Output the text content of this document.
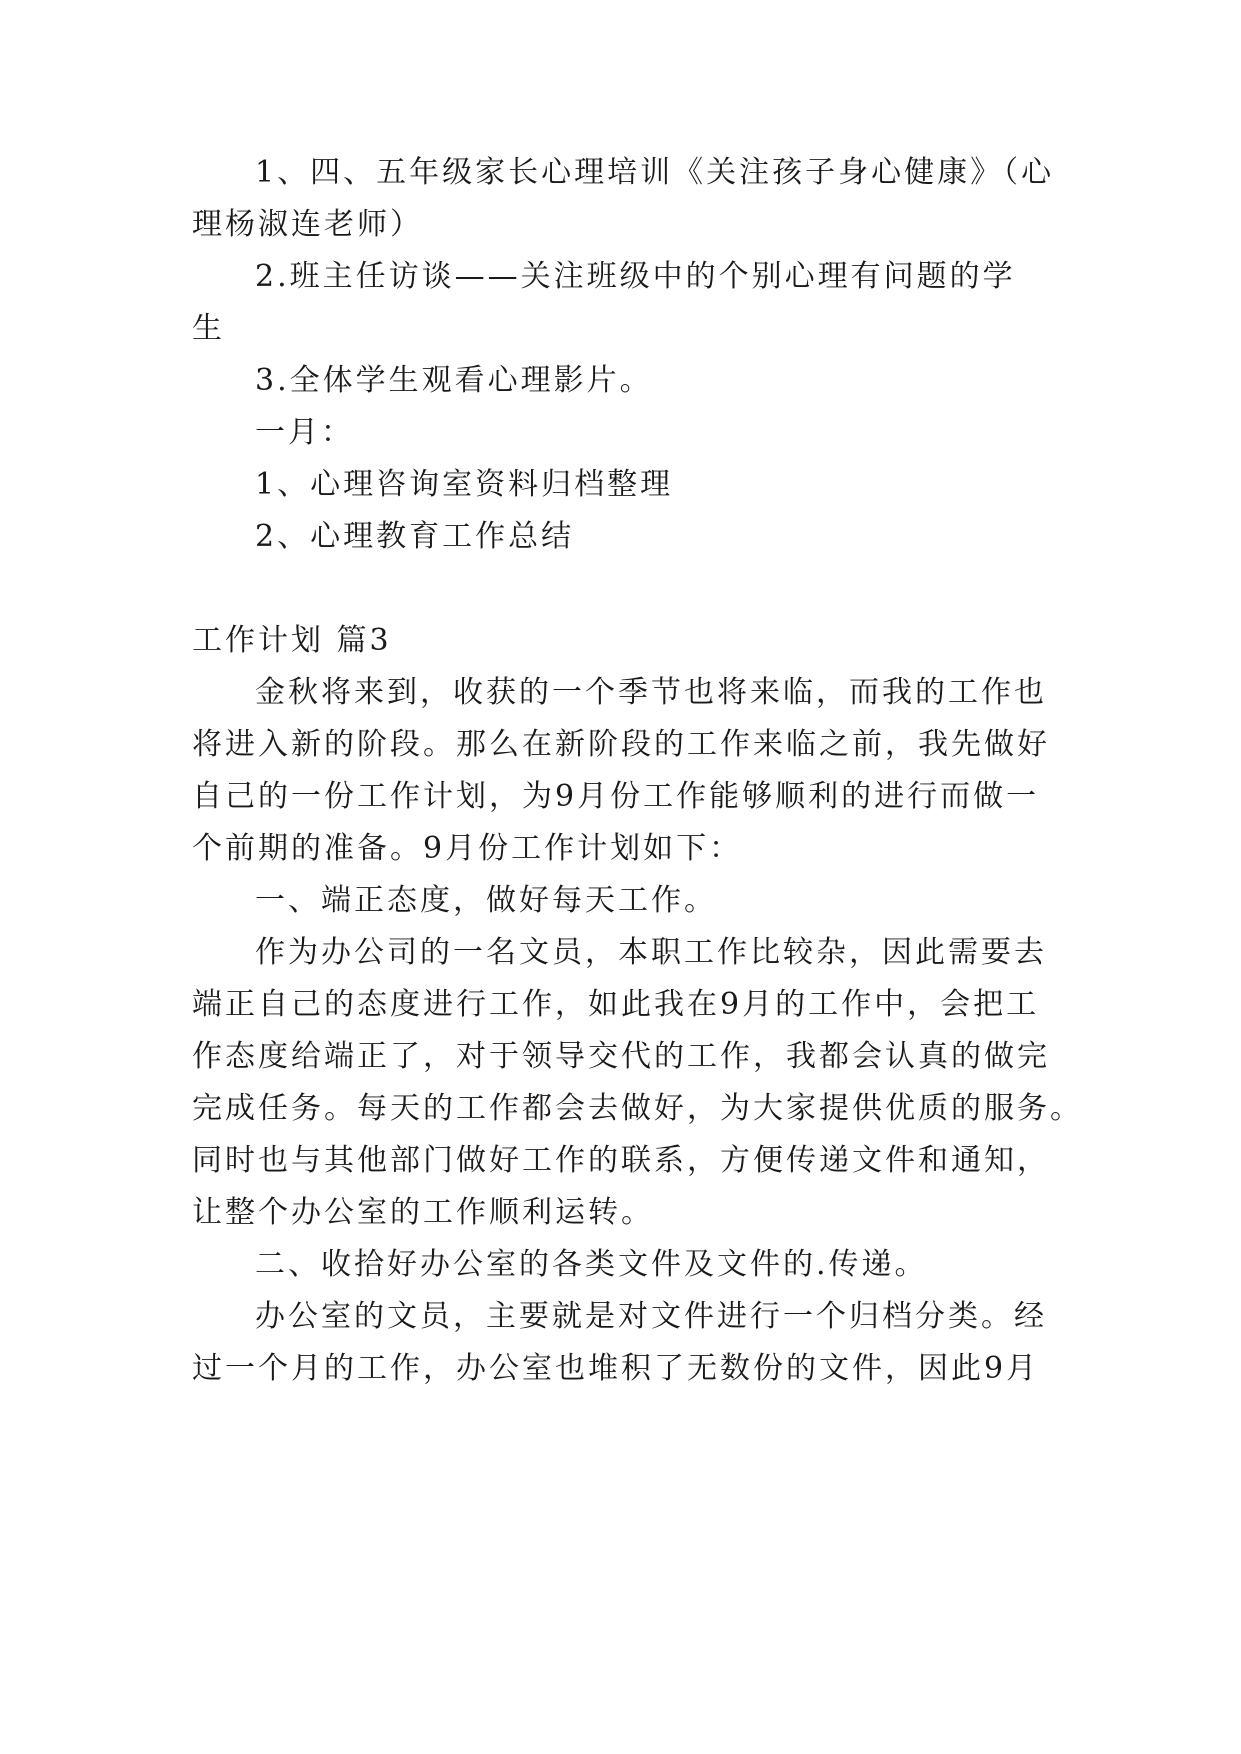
1、四、五年级家长心理培训《关注孩子身心健康》（心
理杨淑连老师）
2.班主任访谈——关注班级中的个别心理有问题的学
生
3.全体学生观看心理影片。
一月：
1、心理咨询室资料归档整理
2、心理教育工作总结
工作计划 篇3
金秋将来到，收获的一个季节也将来临，而我的工作也
将进入新的阶段。那么在新阶段的工作来临之前，我先做好
自己的一份工作计划，为9月份工作能够顺利的进行而做一
个前期的准备。9月份工作计划如下：
一、端正态度，做好每天工作。
作为办公司的一名文员，本职工作比较杂，因此需要去
端正自己的态度进行工作，如此我在9月的工作中，会把工
作态度给端正了，对于领导交代的工作，我都会认真的做完
完成任务。每天的工作都会去做好，为大家提供优质的服务。
同时也与其他部门做好工作的联系，方便传递文件和通知，
让整个办公室的工作顺利运转。
二、收拾好办公室的各类文件及文件的.传递。
办公室的文员，主要就是对文件进行一个归档分类。经
过一个月的工作，办公室也堆积了无数份的文件，因此9月
